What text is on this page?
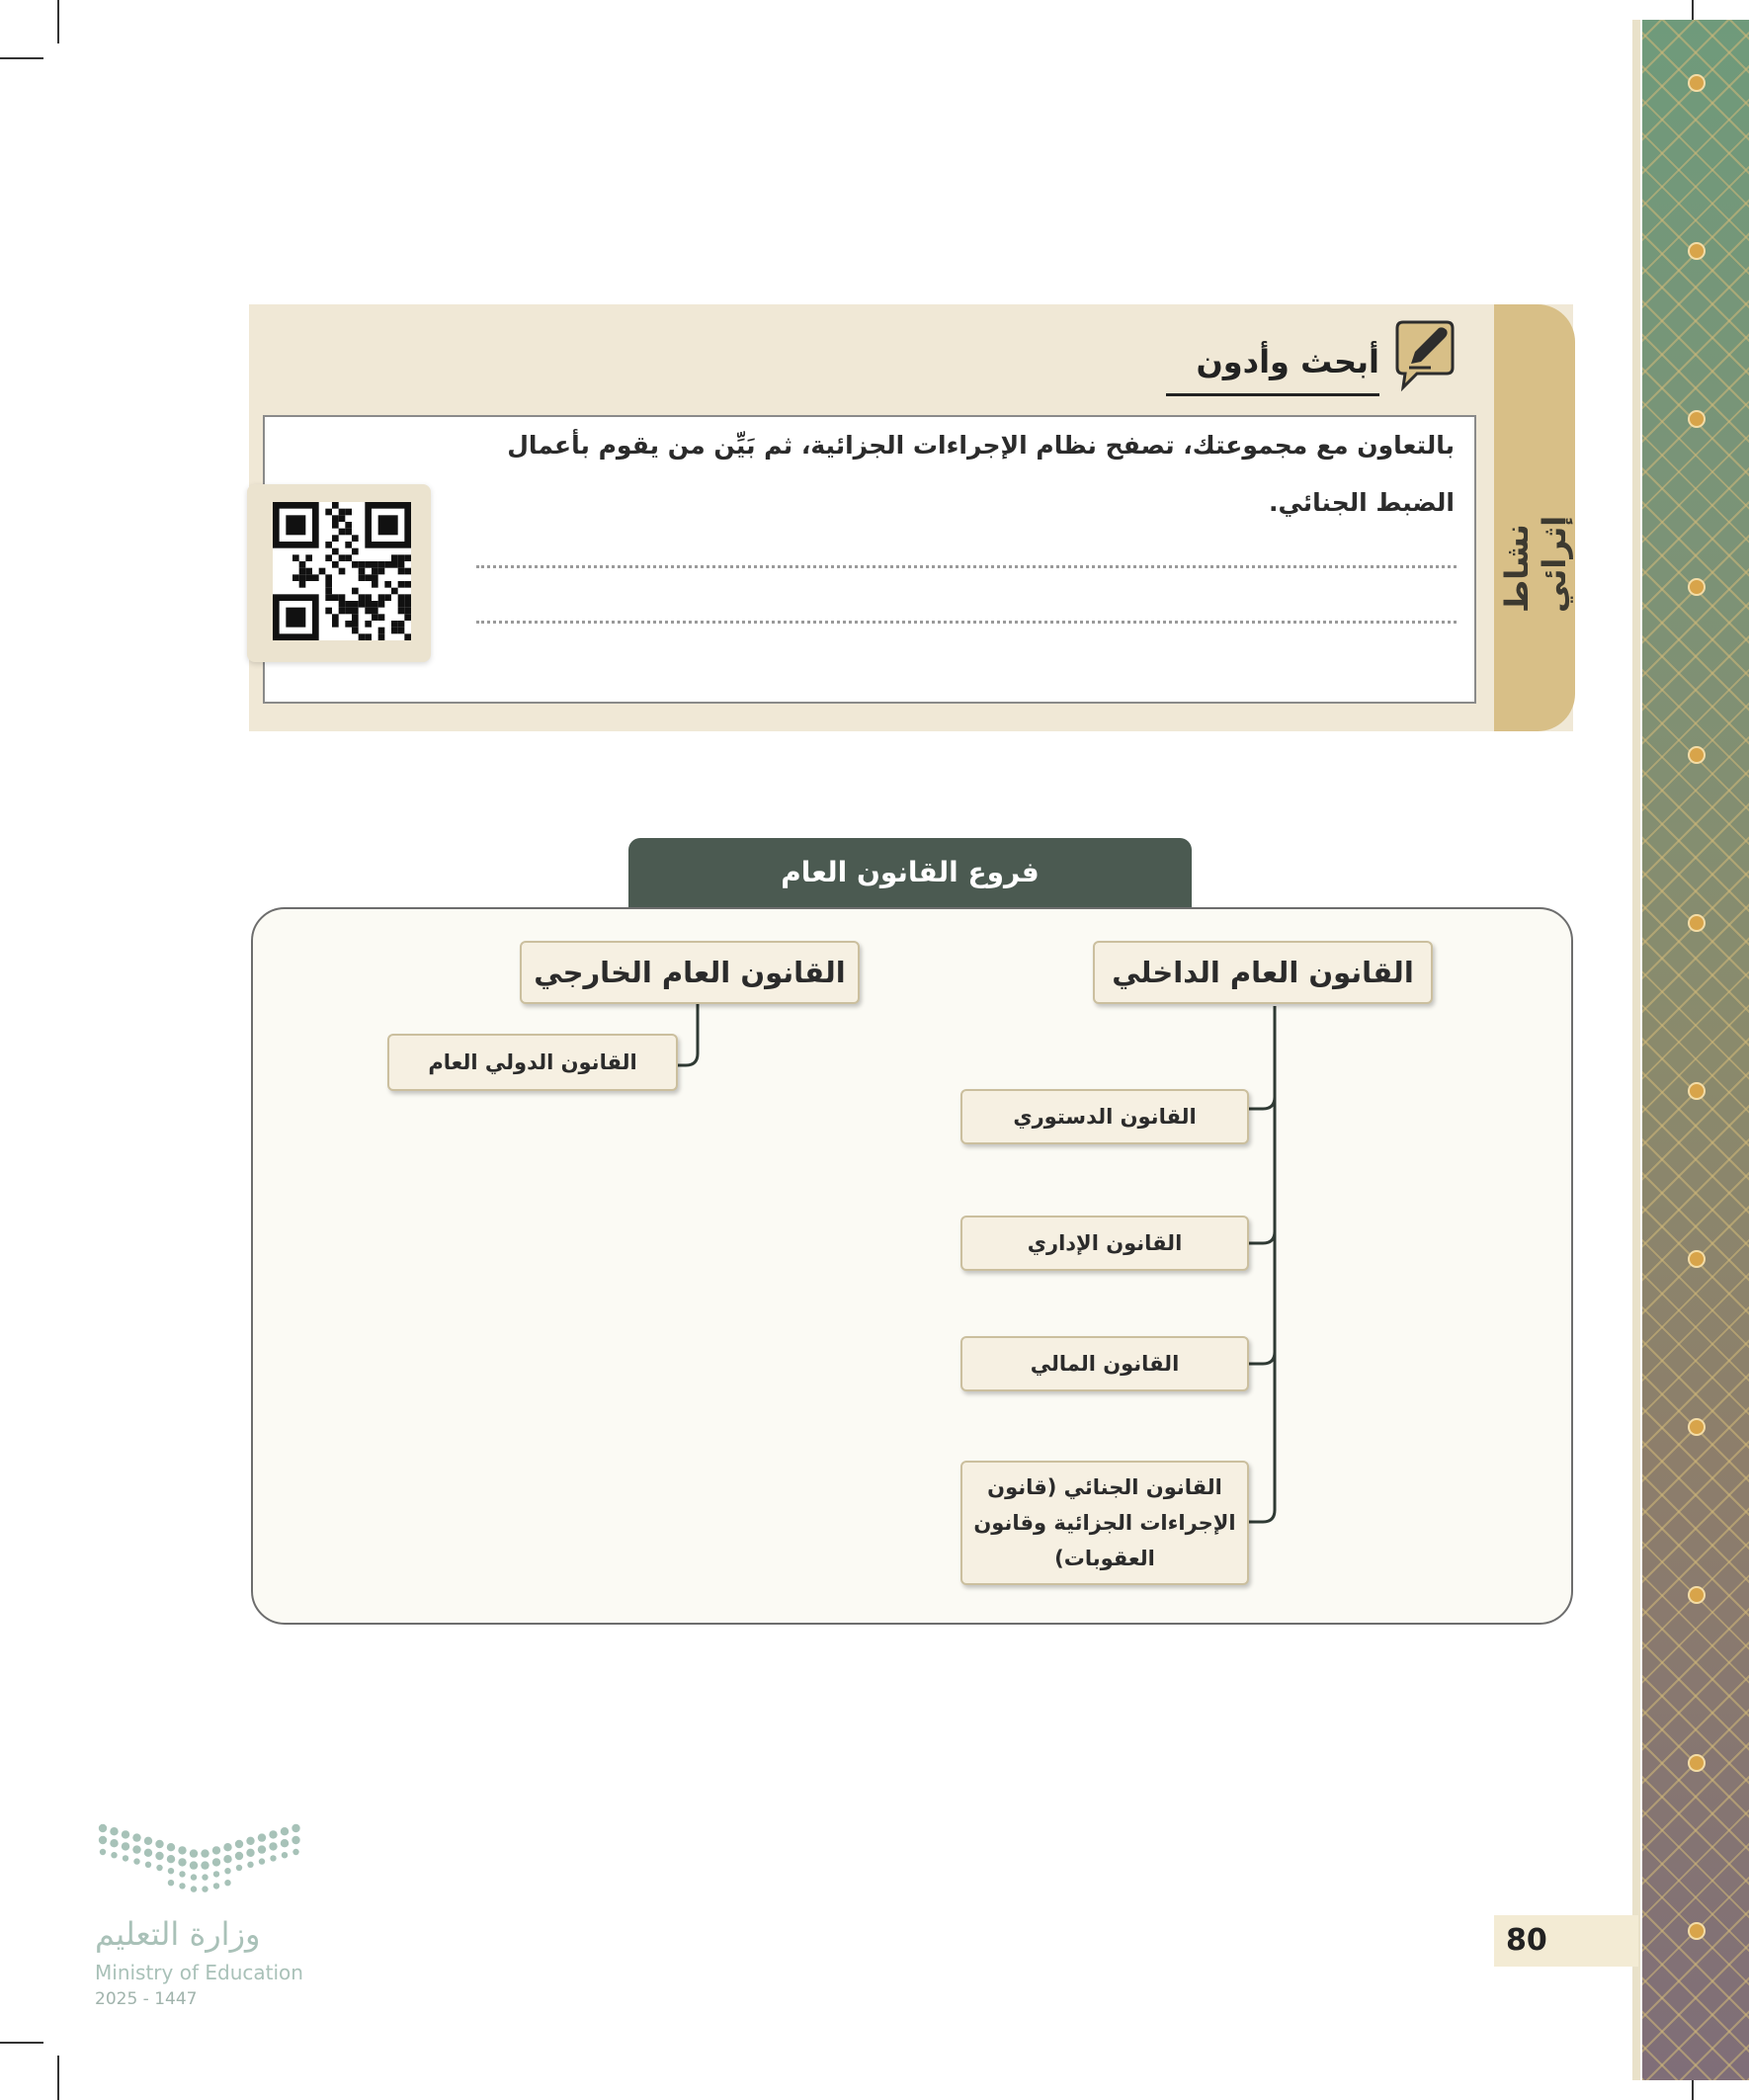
نشاط إثرائي
أبحث وأدون
بالتعاون مع مجموعتك، تصفح نظام الإجراءات الجزائية، ثم بَيِّن من يقوم بأعمال الضبط الجنائي.
فروع القانون العام
القانون العام الداخلي
القانون العام الخارجي
القانون الدستوري
القانون الإداري
القانون المالي
القانون الجنائي (قانون الإجراءات الجزائية وقانون العقوبات)
القانون الدولي العام
80
وزارة التعليم
Ministry of Education
2025 - 1447
